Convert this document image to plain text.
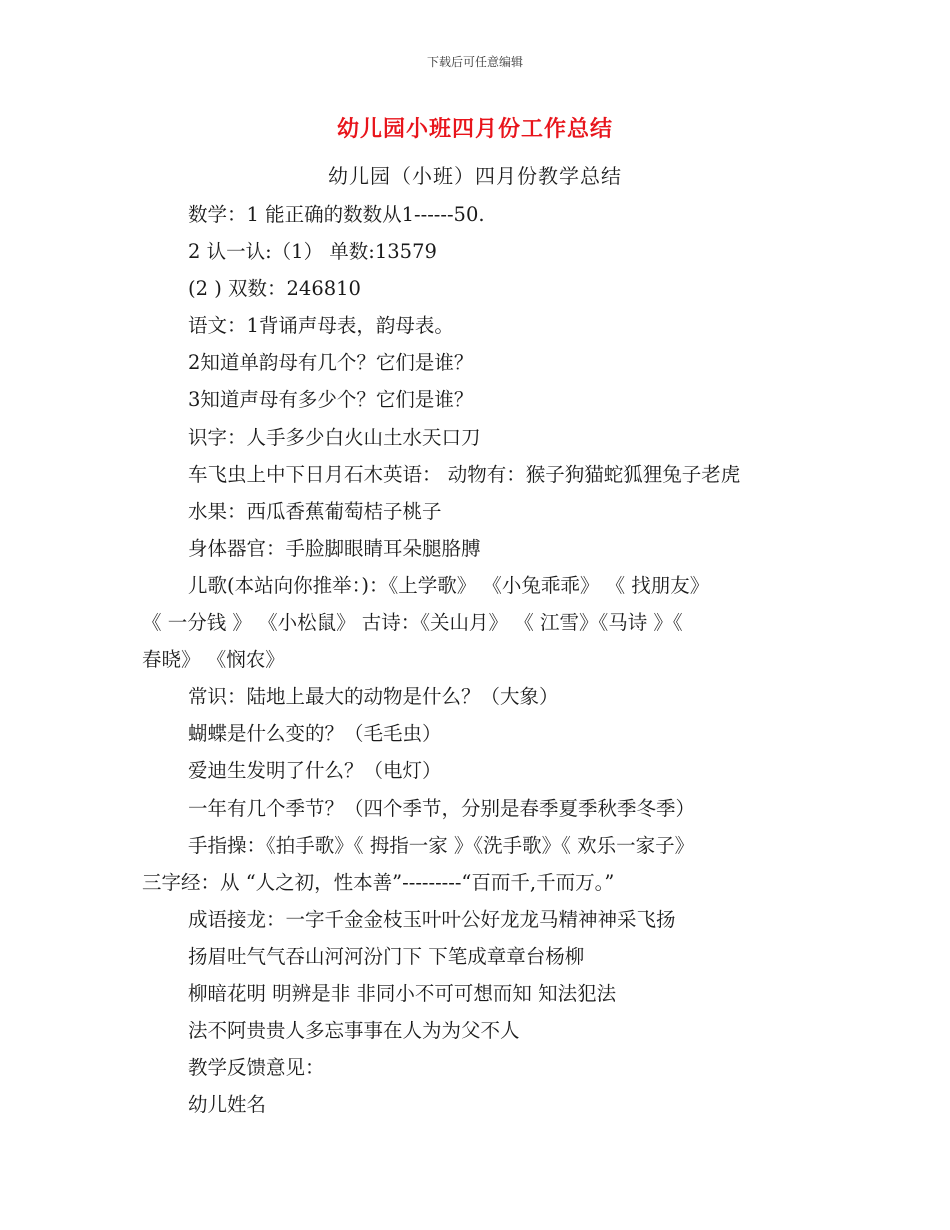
下载后可任意编辑
幼儿园小班四月份工作总结
幼儿园（小班）四月份教学总结
数学：1 能正确的数数从1------50.
2 认一认:（1） 单数:13579
(2 ) 双数：246810
语文：1背诵声母表，韵母表。
2知道单韵母有几个？它们是谁？
3知道声母有多少个？它们是谁？
识字：人手多少白火山土水天口刀
车飞虫上中下日月石木英语： 动物有：猴子狗猫蛇狐狸兔子老虎
水果：西瓜香蕉葡萄桔子桃子
身体器官：手脸脚眼睛耳朵腿胳膊
儿歌(本站向你推举：)：《上学歌》 《小兔乖乖》 《 找朋友》
《 一分钱 》 《小松鼠》 古诗：《关山月》 《 江雪》《马诗 》《
春晓》 《悯农》
常识：陆地上最大的动物是什么？（大象）
蝴蝶是什么变的？（毛毛虫）
爱迪生发明了什么？（电灯）
一年有几个季节？（四个季节，分别是春季夏季秋季冬季）
手指操：《拍手歌》《 拇指一家 》《洗手歌》《 欢乐一家子》
三字经：从 “人之初，性本善”---------“百而千,千而万。”
成语接龙：一字千金金枝玉叶叶公好龙龙马精神神采飞扬
扬眉吐气气吞山河河汾门下 下笔成章章台杨柳
柳暗花明 明辨是非 非同小不可可想而知 知法犯法
法不阿贵贵人多忘事事在人为为父不人
教学反馈意见：
幼儿姓名
